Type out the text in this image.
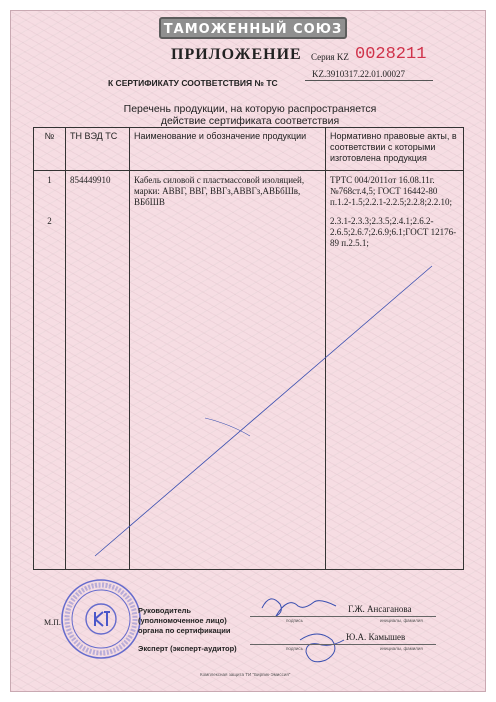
ТАМОЖЕННЫЙ СОЮЗ
ПРИЛОЖЕНИЕ Серия KZ 0028211
К СЕРТИФИКАТУ СООТВЕТСТВИЯ № ТС
KZ.3910317.22.01.00027
Перечень продукции, на которую распространяется действие сертификата соответствия
№	ТН ВЭД ТС	Наименование и обозначение продукции	Нормативно правовые акты, в соответствии с которыми изготовлена продукция
1	854449910	Кабель силовой с пластмассовой изоляцией, марки: АВВГ, ВВГ, ВВГз,АВВГз,АВБбШв, ВБбШВ	ТРТС 004/2011от 16.08.11г.№768ст.4,5; ГОСТ 16442-80 п.1.2-1.5;2.2.1-2.2.5;2.2.8;2.2.10;
2			2.3.1-2.3.3;2.3.5;2.4.1;2.6.2-2.6.5;2.6.7;2.6.9;6.1;ГОСТ 12176-89 п.2.5.1;

М.П.
Руководитель (уполномоченное лицо) органа по сертификации
Эксперт (эксперт-аудитор)
Г.Ж. Ансаганова
Ю.А. Камышев
подпись	инициалы, фамилия
подпись	инициалы, фамилия
Комплексная защита ТИ "Бирлик-Эмиссия"
